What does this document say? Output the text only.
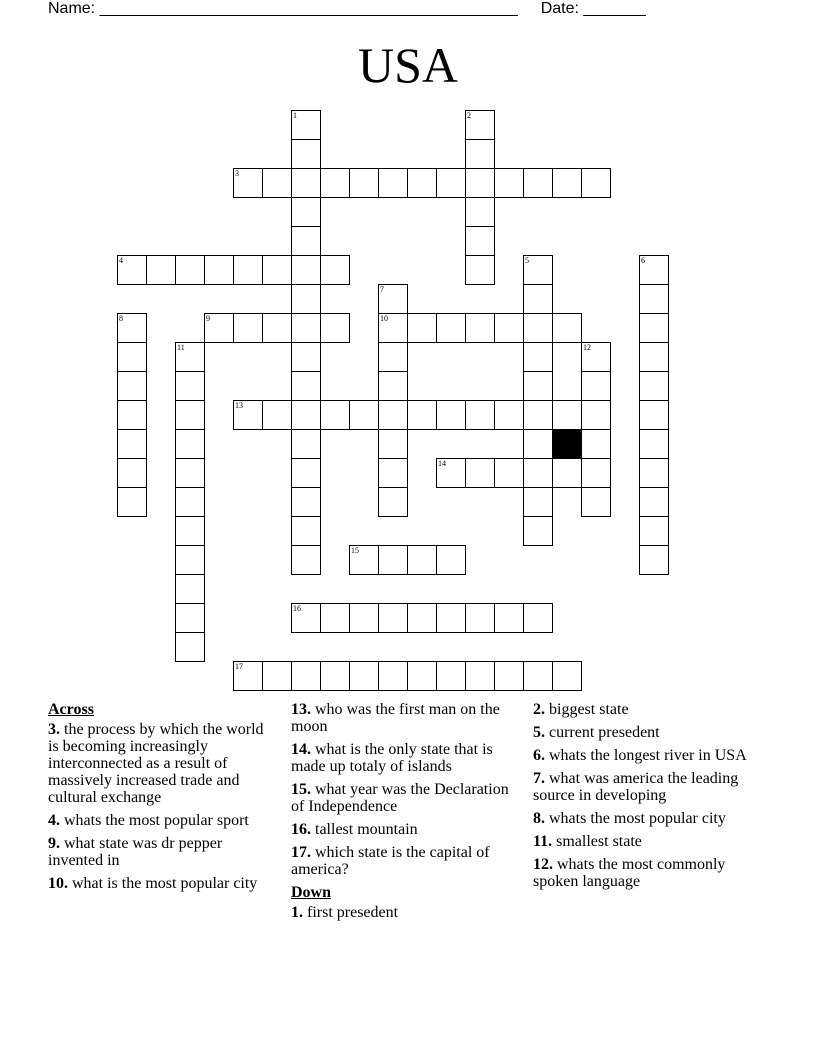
Name: _______________________________________________ Date: _______
USA
1	2
3
4	5	6
7
10
8	9
11	12
13
14
15
16
17
Across
3. the process by which the world is becoming increasingly interconnected as a result of massively increased trade and cultural exchange
4. whats the most popular sport
9. what state was dr pepper invented in
10. what is the most popular city
13. who was the first man on the moon
14. what is the only state that is made up totaly of islands
15. what year was the Declaration of Independence
16. tallest mountain
17. which state is the capital of america?
Down
1. first presedent
2. biggest state
5. current presedent
6. whats the longest river in USA
7. what was america the leading source in developing
8. whats the most popular city
11. smallest state
12. whats the most commonly spoken language
